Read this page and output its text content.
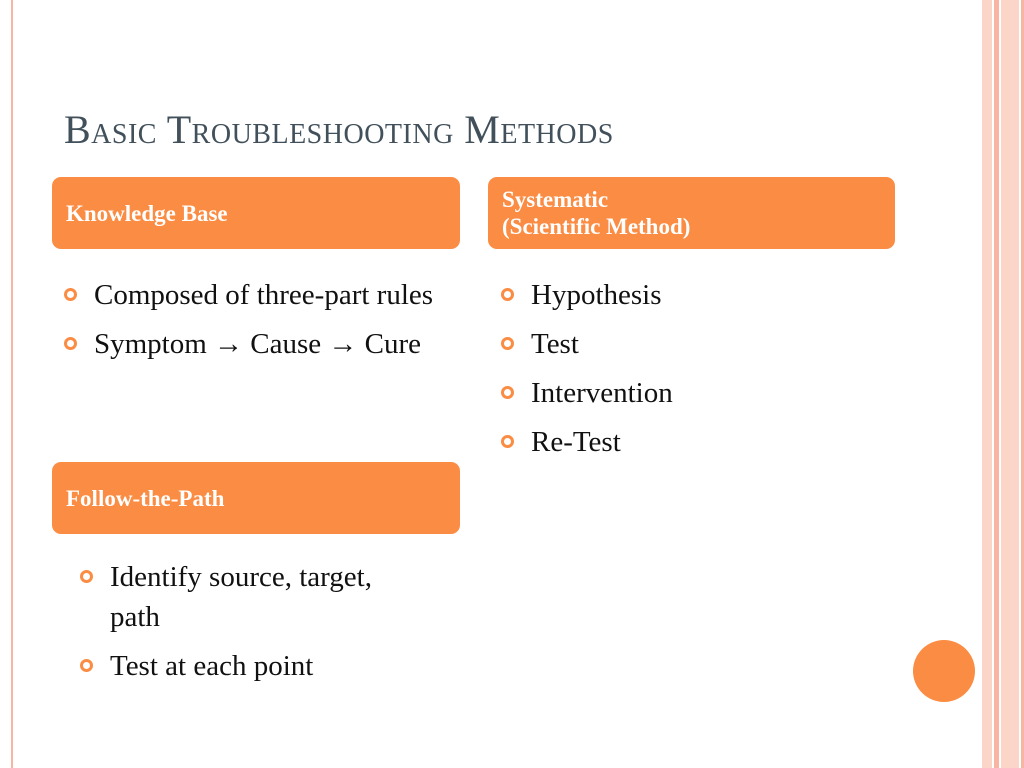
Basic Troubleshooting Methods
Knowledge Base
Composed of three-part rules
Symptom → Cause → Cure
Systematic
(Scientific Method)
Hypothesis
Test
Intervention
Re-Test
Follow-the-Path
Identify source, target, path
Test at each point
